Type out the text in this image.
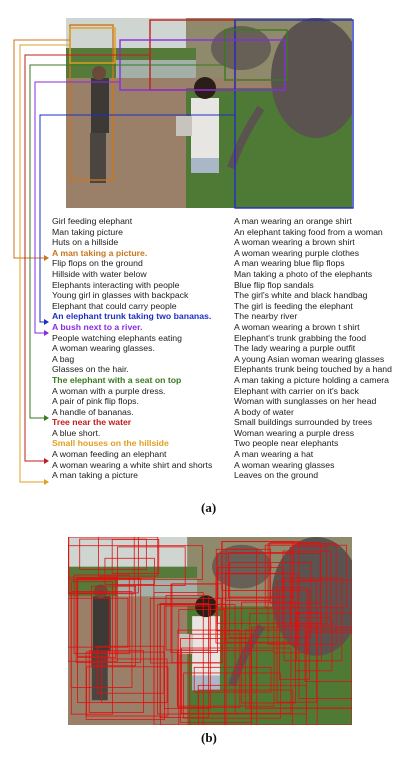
Girl feeding elephant
Man taking picture
Huts on a hillside
A man taking a picture.
Flip flops on the ground
Hillside with water below
Elephants interacting with people
Young girl in glasses with backpack
Elephant that could carry people
An elephant trunk taking two bananas.
A bush next to a river.
People watching elephants eating
A woman wearing glasses.
A bag
Glasses on the hair.
The elephant with a seat on top
A woman with a purple dress.
A pair of pink flip flops.
A handle of bananas.
Tree near the water
A blue short.
Small houses on the hillside
A woman feeding an elephant
A woman wearing a white shirt and shorts
A man taking a picture
A man wearing an orange shirt
An elephant taking food from a woman
A woman wearing a brown shirt
A woman wearing purple clothes
A man wearing blue flip flops
Man taking a photo of the elephants
Blue flip flop sandals
The girl's white and black handbag
The girl is feeding the elephant
The nearby river
A woman wearing a brown t shirt
Elephant's trunk grabbing the food
The lady wearing a purple outfit
A young Asian woman wearing glasses
Elephants trunk being touched by a hand
A man taking a picture holding a camera
Elephant with carrier on it's back
Woman with sunglasses on her head
A body of water
Small buildings surrounded by trees
Woman wearing a purple dress
Two people near elephants
A man wearing a hat
A woman wearing glasses
Leaves on the ground
(a)
(b)
